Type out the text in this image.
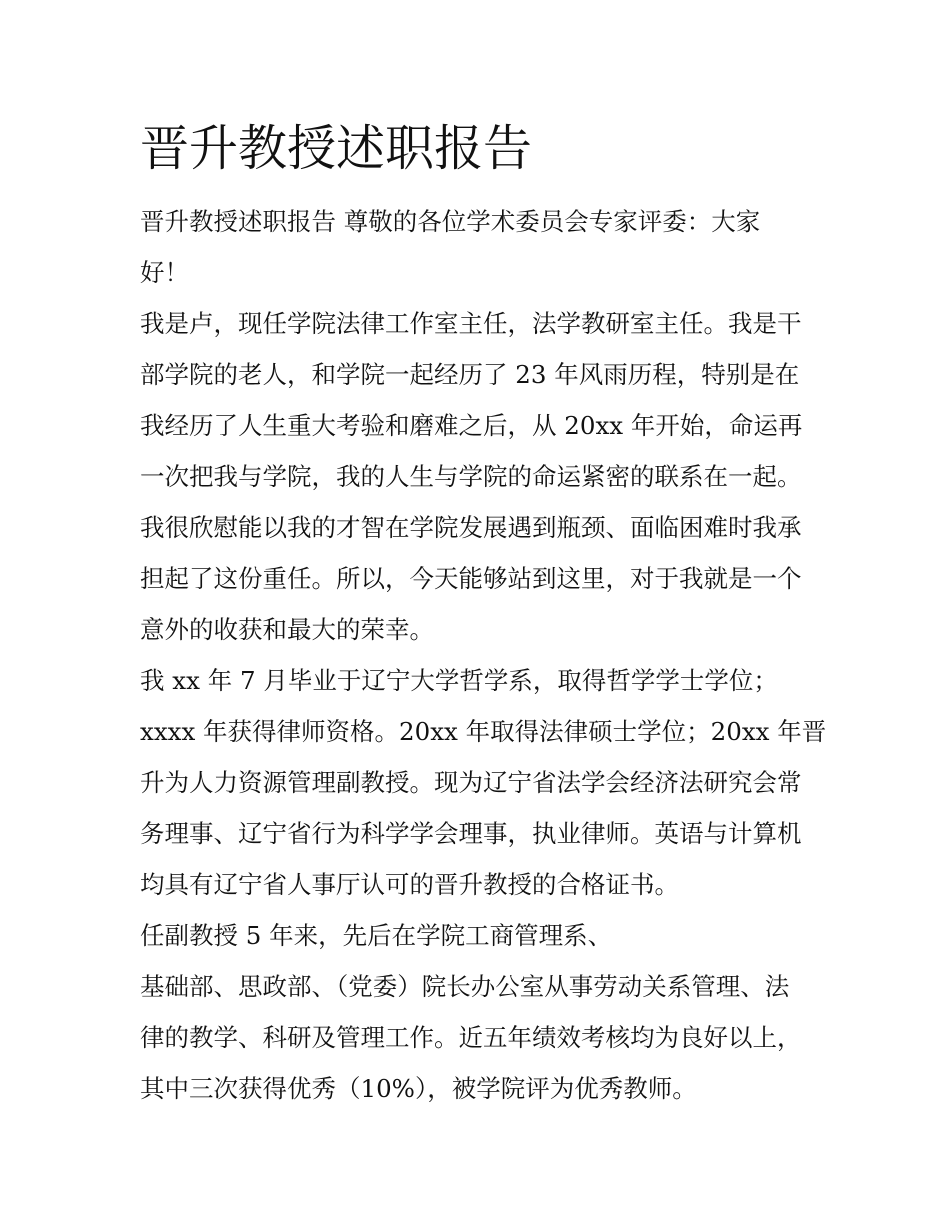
晋升教授述职报告
晋升教授述职报告 尊敬的各位学术委员会专家评委：大家
好！
我是卢，现任学院法律工作室主任，法学教研室主任。我是干
部学院的老人，和学院一起经历了 23 年风雨历程，特别是在
我经历了人生重大考验和磨难之后，从 20xx 年开始，命运再
一次把我与学院，我的人生与学院的命运紧密的联系在一起。
我很欣慰能以我的才智在学院发展遇到瓶颈、面临困难时我承
担起了这份重任。所以，今天能够站到这里，对于我就是一个
意外的收获和最大的荣幸。
我 xx 年 7 月毕业于辽宁大学哲学系，取得哲学学士学位；
xxxx 年获得律师资格。20xx 年取得法律硕士学位；20xx 年晋
升为人力资源管理副教授。现为辽宁省法学会经济法研究会常
务理事、辽宁省行为科学学会理事，执业律师。英语与计算机
均具有辽宁省人事厅认可的晋升教授的合格证书。
任副教授 5 年来，先后在学院工商管理系、
基础部、思政部、（党委）院长办公室从事劳动关系管理、法
律的教学、科研及管理工作。近五年绩效考核均为良好以上，
其中三次获得优秀（10%），被学院评为优秀教师。
